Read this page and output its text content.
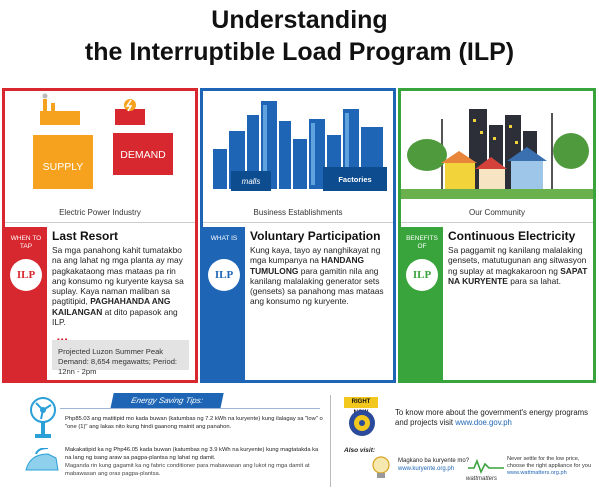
Understanding
the Interruptible Load Program (ILP)
SUPPLY
DEMAND
Electric Power Industry
WHEN TO TAP
ILP
Last Resort
Sa mga panahong kahit tumatakbo na ang lahat ng mga planta ay may pagkakataong mas mataas pa rin ang konsumo ng kuryente kaysa sa suplay. Kaya naman maliban sa pagtitipid, PAGHAHANDA ANG KAILANGAN at dito papasok ang ILP.
Projected Luzon Summer Peak Demand: 8,654 megawatts; Period: 12nn - 2pm
malls	Factories
Business Establishments
WHAT IS
ILP
Voluntary Participation
Kung kaya, tayo ay nanghikayat ng mga kumpanya na HANDANG TUMULONG para gamitin nila ang kanilang malalaking generator sets (gensets) sa panahong mas mataas ang konsumo ng kuryente.
Our Community
BENEFITS OF
ILP
Continuous Electricity
Sa paggamit ng kanilang malalaking gensets, matutugunan ang sitwasyon ng suplay at magkakaroon ng SAPAT NA KURYENTE para sa lahat.
Energy Saving Tips:
Php85.03 ang matitipid mo kada buwan (katumbas ng 7.2 kWh na kuryente) kung ilalagay sa "low" o "one (1)" ang lakas nito kung hindi gaanong mainit ang panahon.
Makakatipid ka ng Php46.05 kada buwan (katumbas ng 3.9 kWh na kuryente) kung magtatakda ka na lang ng isang araw sa pagpa-plantsa ng lahat ng damit.
Maganda rin kung gagamit ka ng fabric conditioner para mabawasan ang lukot ng mga damit at mabawasan ang oras pagpa-plantsa.
RIGHT
To know more about the government's energy programs and projects visit www.doe.gov.ph
Also visit:
Magkano ba kuryente mo?
www.kuryente.org.ph
wattmatters
Never settle for the low price, choose the right appliance for you
www.wattmatters.org.ph
